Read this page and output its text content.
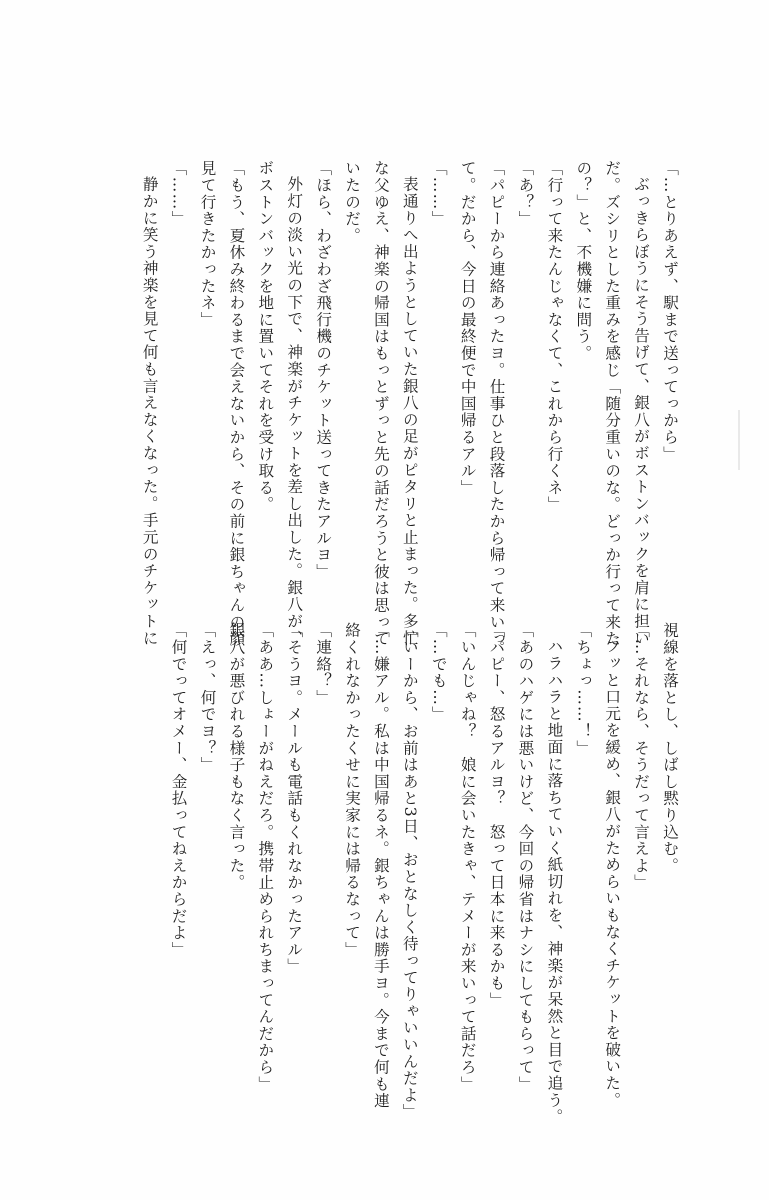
「…とりあえず、駅まで送ってっから」
ぶっきらぼうにそう告げて、銀八がボストンバックを肩に担い
だ。ズシリとした重みを感じ「随分重いのな。どっか行って来た
の？」と、不機嫌に問う。
「行って来たんじゃなくて、これから行くネ」
「あ？」
「パピーから連絡あったヨ。仕事ひと段落したから帰って来いっ
て。だから、今日の最終便で中国帰るアル」
「……」
表通りへ出ようとしていた銀八の足がピタリと止まった。多忙
な父ゆえ、神楽の帰国はもっとずっと先の話だろうと彼は思って
いたのだ。
「ほら、わざわざ飛行機のチケット送ってきたアルヨ」
外灯の淡い光の下で、神楽がチケットを差し出した。銀八が、
ボストンバックを地に置いてそれを受け取る。
「もう、夏休み終わるまで会えないから、その前に銀ちゃんの顔
見て行きたかったネ」
「……」
静かに笑う神楽を見て何も言えなくなった。手元のチケットに
視線を落とし、しばし黙り込む。
「…それなら、そうだって言えよ」
フッと口元を緩め、銀八がためらいもなくチケットを破いた。
「ちょっ……！」
ハラハラと地面に落ちていく紙切れを、神楽が呆然と目で追う。
「あのハゲには悪いけど、今回の帰省はナシにしてもらって」
「パピー、怒るアルヨ？　怒って日本に来るかも」
「いんじゃね？　娘に会いたきゃ、テメーが来いって話だろ」
「…でも…」
「いーから、お前はあと3日、おとなしく待ってりゃいいんだよ」
「…嫌アル。私は中国帰るネ。銀ちゃんは勝手ヨ。今まで何も連
絡くれなかったくせに実家には帰るなって」
「連絡？」
「そうヨ。メールも電話もくれなかったアル」
「ああ…しょーがねえだろ。携帯止められちまってんだから」
銀八が悪びれる様子もなく言った。
「えっ、何でヨ？」
「何でってオメー、金払ってねえからだよ」
